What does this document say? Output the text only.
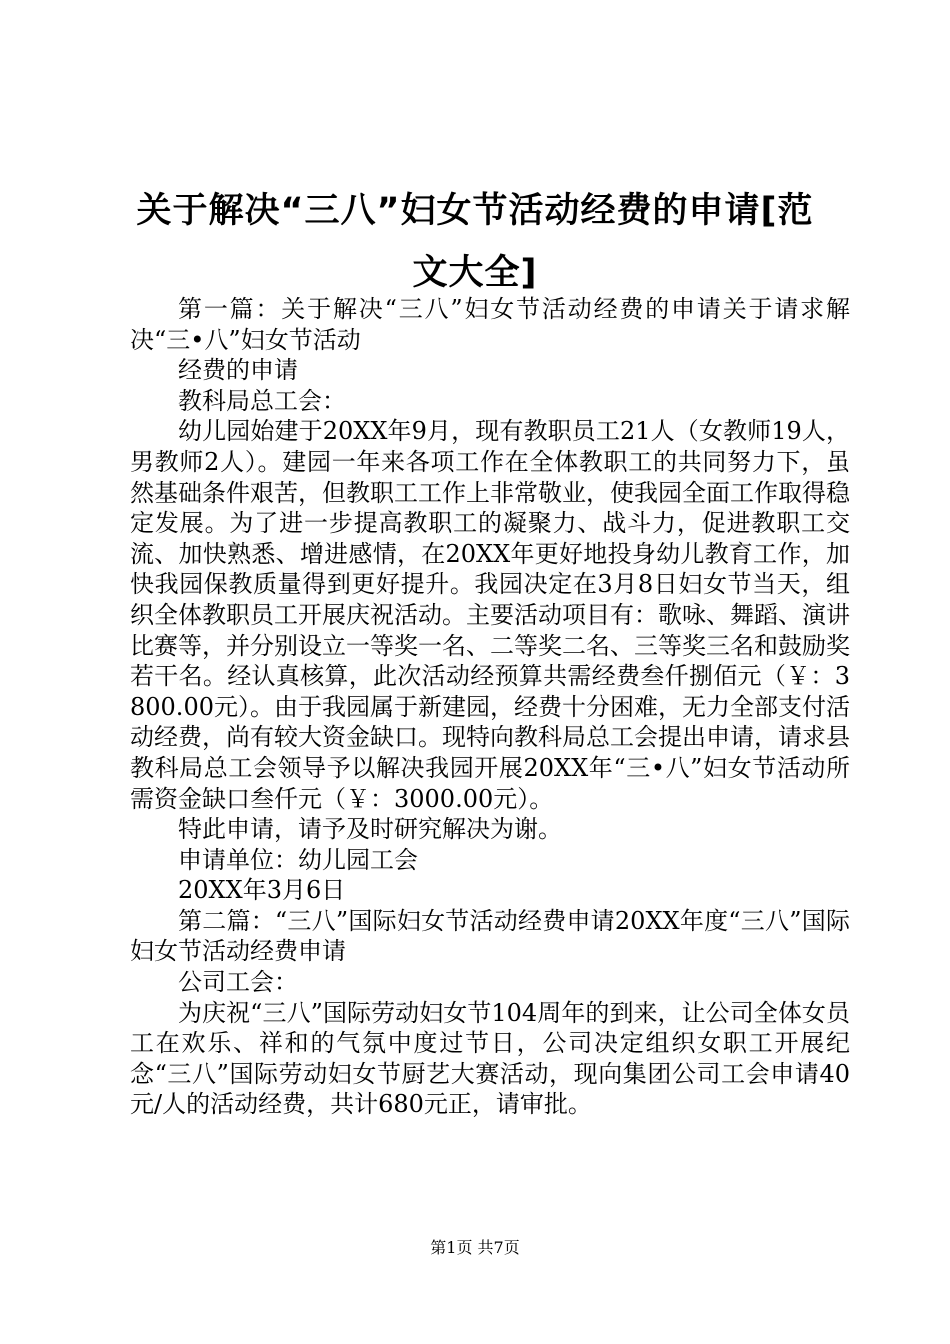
关于解决“三八”妇女节活动经费的申请[范文大全]

第一篇：关于解决“三八”妇女节活动经费的申请关于请求解决“三•八”妇女节活动

经费的申请

教科局总工会：

幼儿园始建于20XX年9月，现有教职员工21人（女教师19人，男教师2人）。建园一年来各项工作在全体教职工的共同努力下，虽然基础条件艰苦，但教职工工作上非常敬业，使我园全面工作取得稳定发展。为了进一步提高教职工的凝聚力、战斗力，促进教职工交流、加快熟悉、增进感情，在20XX年更好地投身幼儿教育工作，加快我园保教质量得到更好提升。我园决定在3月8日妇女节当天，组织全体教职员工开展庆祝活动。主要活动项目有：歌咏、舞蹈、演讲比赛等，并分别设立一等奖一名、二等奖二名、三等奖三名和鼓励奖若干名。经认真核算，此次活动经预算共需经费叁仟捌佰元（￥：3800.00元）。由于我园属于新建园，经费十分困难，无力全部支付活动经费，尚有较大资金缺口。现特向教科局总工会提出申请，请求县教科局总工会领导予以解决我园开展20XX年“三•八”妇女节活动所需资金缺口叁仟元（￥：3000.00元）。

特此申请，请予及时研究解决为谢。

申请单位：幼儿园工会

20XX年3月6日

第二篇：“三八”国际妇女节活动经费申请20XX年度“三八”国际妇女节活动经费申请

公司工会：

为庆祝“三八”国际劳动妇女节104周年的到来，让公司全体女员工在欢乐、祥和的气氛中度过节日，公司决定组织女职工开展纪念“三八”国际劳动妇女节厨艺大赛活动，现向集团公司工会申请40元/人的活动经费，共计680元正，请审批。

第1页 共7页
